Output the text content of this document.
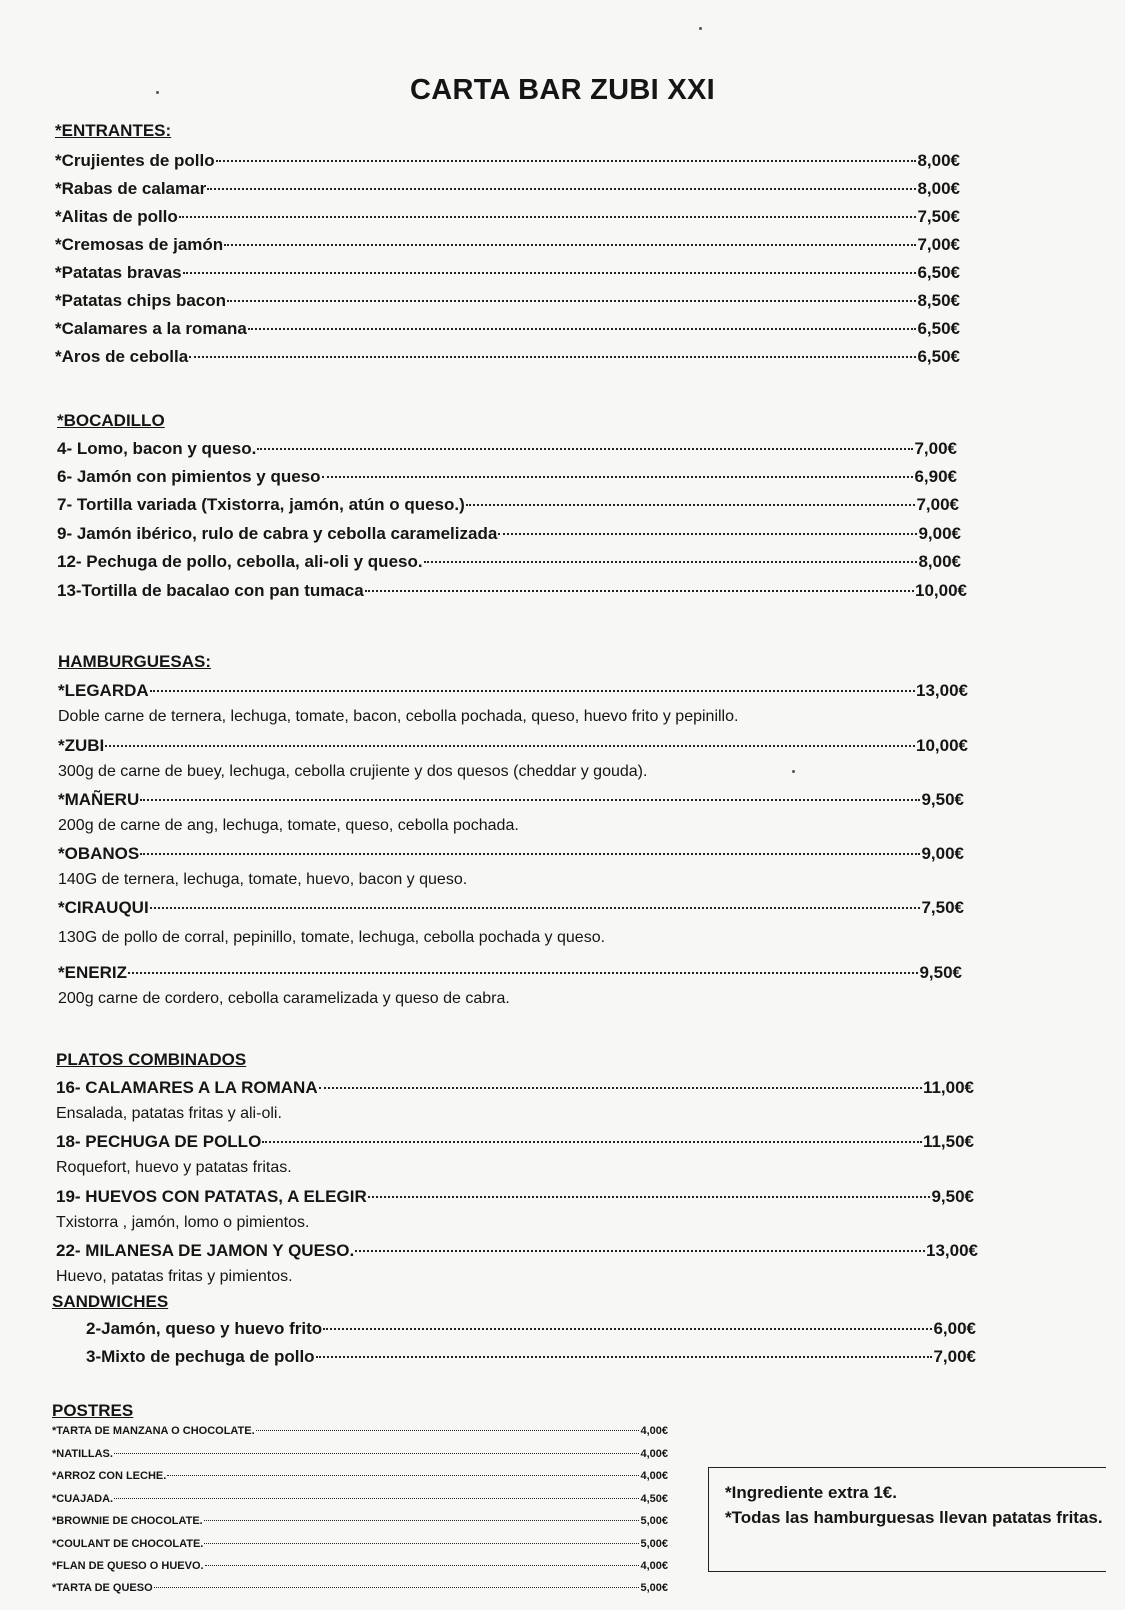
CARTA BAR ZUBI XXI
*ENTRANTES:
*Crujientes de pollo	8,00€
*Rabas de calamar	8,00€
*Alitas de pollo	7,50€
*Cremosas de jamón	7,00€
*Patatas bravas	6,50€
*Patatas chips bacon	8,50€
*Calamares a la romana	6,50€
*Aros de cebolla	6,50€
*BOCADILLO
4- Lomo, bacon y queso.	7,00€
6- Jamón con pimientos y queso	6,90€
7- Tortilla variada (Txistorra, jamón, atún o queso.)	7,00€
9- Jamón ibérico, rulo de cabra y cebolla caramelizada	9,00€
12- Pechuga de pollo, cebolla, ali-oli y queso.	8,00€
13-Tortilla de bacalao con pan tumaca	10,00€
HAMBURGUESAS:
*LEGARDA	13,00€
Doble carne de ternera, lechuga, tomate, bacon, cebolla pochada, queso, huevo frito y pepinillo.
*ZUBI	10,00€
300g de carne de buey, lechuga, cebolla crujiente y dos quesos (cheddar y gouda).
*MAÑERU	9,50€
200g de carne de ang, lechuga, tomate, queso, cebolla pochada.
*OBANOS	9,00€
140G de ternera, lechuga, tomate, huevo, bacon y queso.
*CIRAUQUI	7,50€
130G de pollo de corral, pepinillo, tomate, lechuga, cebolla pochada y queso.
*ENERIZ	9,50€
200g carne de cordero, cebolla caramelizada y queso de cabra.
PLATOS COMBINADOS
16- CALAMARES A LA ROMANA	11,00€
Ensalada, patatas fritas y ali-oli.
18- PECHUGA DE POLLO	11,50€
Roquefort, huevo y patatas fritas.
19- HUEVOS CON PATATAS, A ELEGIR	9,50€
Txistorra , jamón, lomo o pimientos.
22- MILANESA DE JAMON Y QUESO.	13,00€
Huevo, patatas fritas y pimientos.
SANDWICHES
2-Jamón, queso y huevo frito	6,00€
3-Mixto de pechuga de pollo	7,00€
POSTRES
*TARTA DE MANZANA O CHOCOLATE.	4,00€
*NATILLAS.	4,00€
*ARROZ CON LECHE.	4,00€
*CUAJADA.	4,50€
*BROWNIE DE CHOCOLATE.	5,00€
*COULANT DE CHOCOLATE.	5,00€
*FLAN DE QUESO O HUEVO.	4,00€
*TARTA DE QUESO	5,00€
*Ingrediente extra 1€.
*Todas las hamburguesas llevan patatas fritas.
